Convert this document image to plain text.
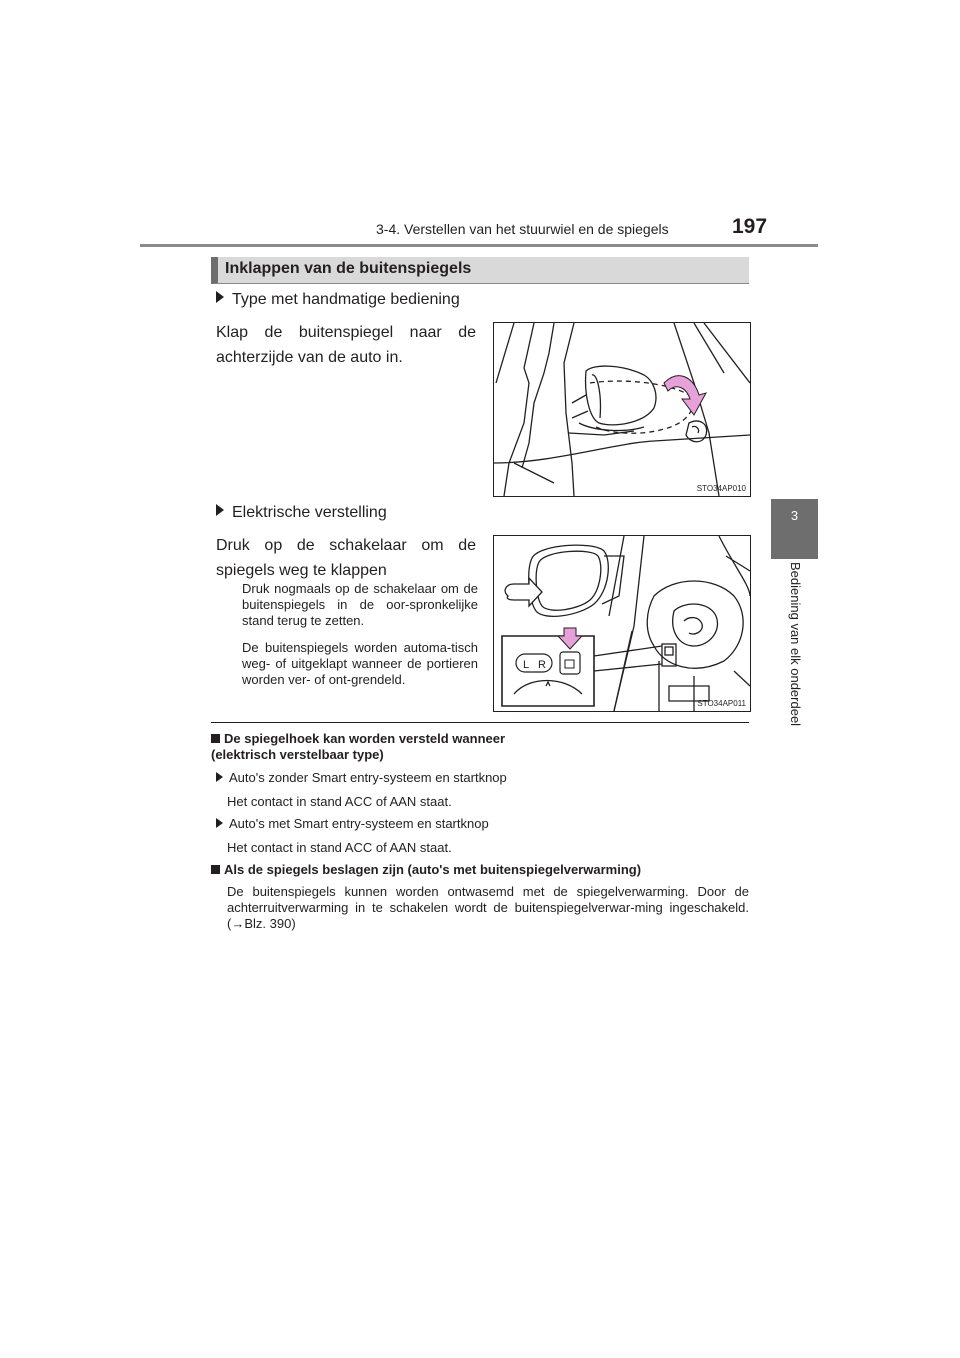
3-4. Verstellen van het stuurwiel en de spiegels	197
3
Bediening van elk onderdeel
Inklappen van de buitenspiegels
Type met handmatige bediening
Klap de buitenspiegel naar de achterzijde van de auto in.
STO34AP010
Elektrische verstelling
Druk op de schakelaar om de spiegels weg te klappen
Druk nogmaals op de schakelaar om de buitenspiegels in de oor-spronkelijke stand terug te zetten.
De buitenspiegels worden automa-tisch weg- of uitgeklapt wanneer de portieren worden ver- of ont-grendeld.
L R
STO34AP011
De spiegelhoek kan worden versteld wanneer (elektrisch verstelbaar type)
Auto's zonder Smart entry-systeem en startknop
Het contact in stand ACC of AAN staat.
Auto's met Smart entry-systeem en startknop
Het contact in stand ACC of AAN staat.
Als de spiegels beslagen zijn (auto's met buitenspiegelverwarming)
De buitenspiegels kunnen worden ontwasemd met de spiegelverwarming. Door de achterruitverwarming in te schakelen wordt de buitenspiegelverwar-ming ingeschakeld. (→Blz. 390)
